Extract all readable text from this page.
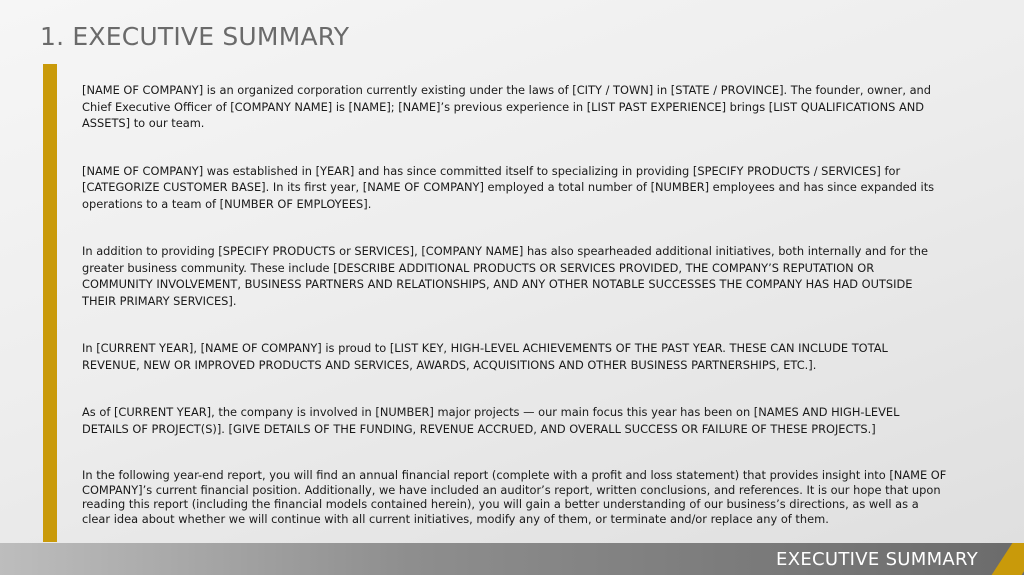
1. EXECUTIVE SUMMARY

[NAME OF COMPANY] is an organized corporation currently existing under the laws of [CITY / TOWN] in [STATE / PROVINCE]. The founder, owner, and Chief Executive Officer of [COMPANY NAME] is [NAME]; [NAME]’s previous experience in [LIST PAST EXPERIENCE] brings [LIST QUALIFICATIONS AND ASSETS] to our team.

[NAME OF COMPANY] was established in [YEAR] and has since committed itself to specializing in providing [SPECIFY PRODUCTS / SERVICES] for [CATEGORIZE CUSTOMER BASE]. In its first year, [NAME OF COMPANY] employed a total number of [NUMBER] employees and has since expanded its operations to a team of [NUMBER OF EMPLOYEES].

In addition to providing [SPECIFY PRODUCTS or SERVICES], [COMPANY NAME] has also spearheaded additional initiatives, both internally and for the greater business community. These include [DESCRIBE ADDITIONAL PRODUCTS OR SERVICES PROVIDED, THE COMPANY’S REPUTATION OR COMMUNITY INVOLVEMENT, BUSINESS PARTNERS AND RELATIONSHIPS, AND ANY OTHER NOTABLE SUCCESSES THE COMPANY HAS HAD OUTSIDE THEIR PRIMARY SERVICES].

In [CURRENT YEAR], [NAME OF COMPANY] is proud to [LIST KEY, HIGH-LEVEL ACHIEVEMENTS OF THE PAST YEAR. THESE CAN INCLUDE TOTAL REVENUE, NEW OR IMPROVED PRODUCTS AND SERVICES, AWARDS, ACQUISITIONS AND OTHER BUSINESS PARTNERSHIPS, ETC.].

As of [CURRENT YEAR], the company is involved in [NUMBER] major projects — our main focus this year has been on [NAMES AND HIGH-LEVEL DETAILS OF PROJECT(S)]. [GIVE DETAILS OF THE FUNDING, REVENUE ACCRUED, AND OVERALL SUCCESS OR FAILURE OF THESE PROJECTS.]

In the following year-end report, you will find an annual financial report (complete with a profit and loss statement) that provides insight into [NAME OF COMPANY]’s current financial position. Additionally, we have included an auditor’s report, written conclusions, and references. It is our hope that upon reading this report (including the financial models contained herein), you will gain a better understanding of our business’s directions, as well as a clear idea about whether we will continue with all current initiatives, modify any of them, or terminate and/or replace any of them.

EXECUTIVE SUMMARY
